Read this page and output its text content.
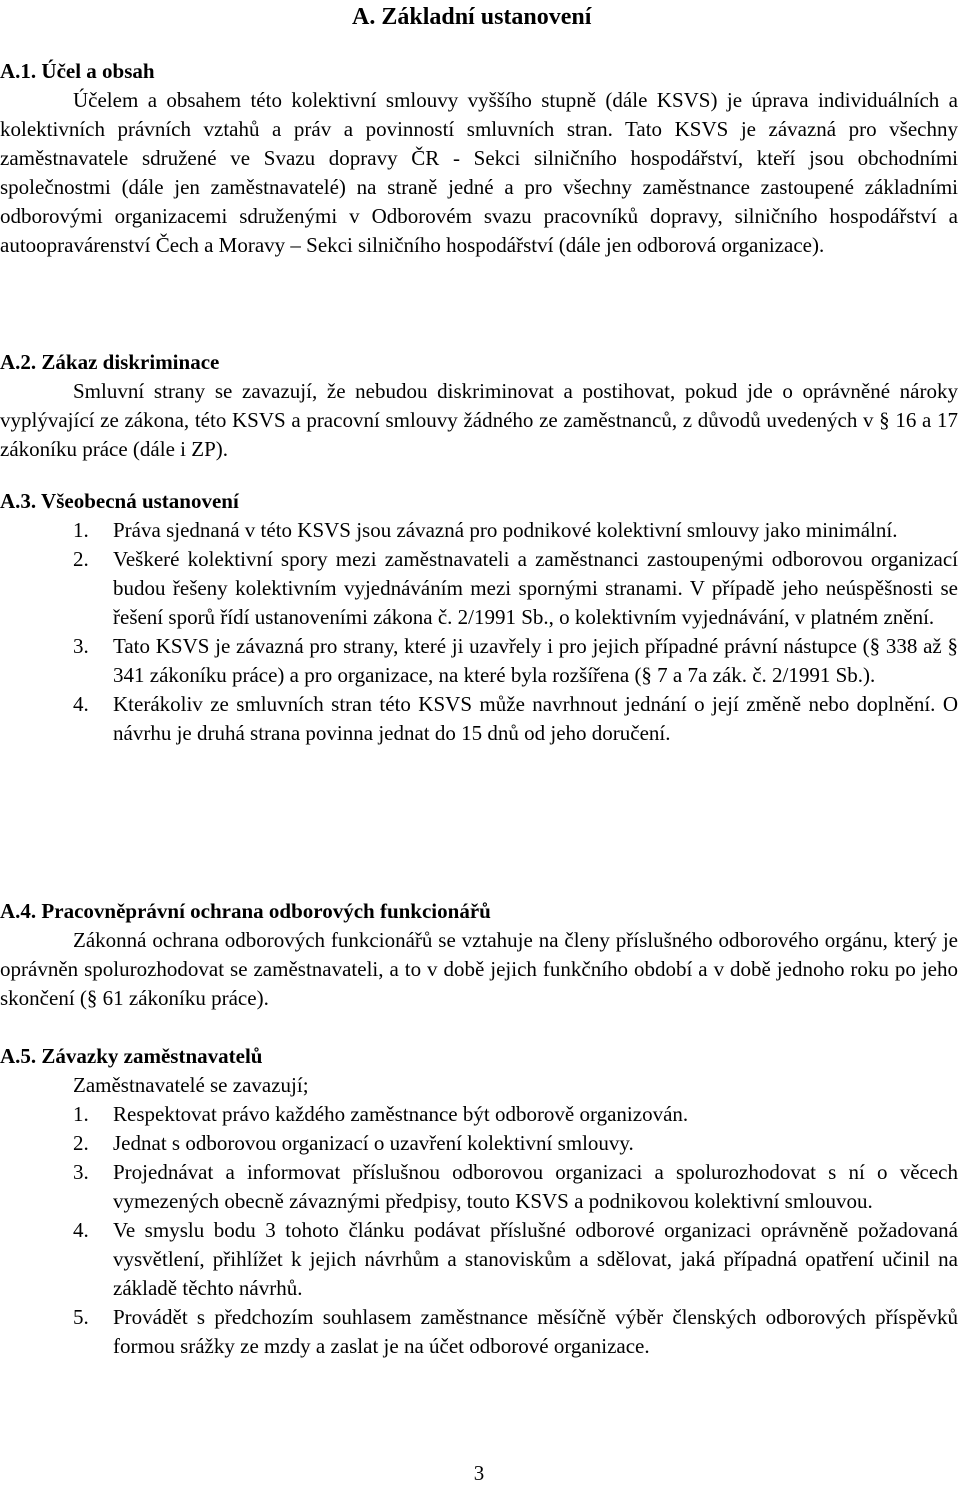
A. Základní ustanovení
A.1. Účel a obsah

Účelem a obsahem této kolektivní smlouvy vyššího stupně (dále KSVS) je úprava individuálních a kolektivních právních vztahů a práv a povinností smluvních stran. Tato KSVS je závazná pro všechny zaměstnavatele sdružené ve Svazu dopravy ČR - Sekci silničního hospodářství, kteří jsou obchodními společnostmi (dále jen zaměstnavatelé) na straně jedné a pro všechny zaměstnance zastoupené základními odborovými organizacemi sdruženými v Odborovém svazu pracovníků dopravy, silničního hospodářství a autoopravárenství Čech a Moravy – Sekci silničního hospodářství (dále jen odborová organizace).

A.2. Zákaz diskriminace

Smluvní strany se zavazují, že nebudou diskriminovat a postihovat, pokud jde o oprávněné nároky vyplývající ze zákona, této KSVS a pracovní smlouvy žádného ze zaměstnanců, z důvodů uvedených v § 16 a 17 zákoníku práce (dále i ZP).

A.3. Všeobecná ustanovení
1. Práva sjednaná v této KSVS jsou závazná pro podnikové kolektivní smlouvy jako minimální.
2. Veškeré kolektivní spory mezi zaměstnavateli a zaměstnanci zastoupenými odborovou organizací budou řešeny kolektivním vyjednáváním mezi spornými stranami. V případě jeho neúspěšnosti se řešení sporů řídí ustanoveními zákona č. 2/1991 Sb., o kolektivním vyjednávání, v platném znění.
3. Tato KSVS je závazná pro strany, které ji uzavřely i pro jejich případné právní nástupce (§ 338 až § 341 zákoníku práce) a pro organizace, na které byla rozšířena (§ 7 a 7a zák. č. 2/1991 Sb.).
4. Kterákoliv ze smluvních stran této KSVS může navrhnout jednání o její změně nebo doplnění. O návrhu je druhá strana povinna jednat do 15 dnů od jeho doručení.
A.4. Pracovněprávní ochrana odborových funkcionářů

Zákonná ochrana odborových funkcionářů se vztahuje na členy příslušného odborového orgánu, který je oprávněn spolurozhodovat se zaměstnavateli, a to v době jejich funkčního období a v době jednoho roku po jeho skončení (§ 61 zákoníku práce).

A.5. Závazky zaměstnavatelů

Zaměstnavatelé se zavazují;

1. Respektovat právo každého zaměstnance být odborově organizován.
2. Jednat s odborovou organizací o uzavření kolektivní smlouvy.
3. Projednávat a informovat příslušnou odborovou organizaci a spolurozhodovat s ní o věcech vymezených obecně závaznými předpisy, touto KSVS a podnikovou kolektivní smlouvou.
4. Ve smyslu bodu 3 tohoto článku podávat příslušné odborové organizaci oprávněně požadovaná vysvětlení, přihlížet k jejich návrhům a stanoviskům a sdělovat, jaká případná opatření učinil na základě těchto návrhů.
5. Provádět s předchozím souhlasem zaměstnance měsíčně výběr členských odborových příspěvků formou srážky ze mzdy a zaslat je na účet odborové organizace.
3
